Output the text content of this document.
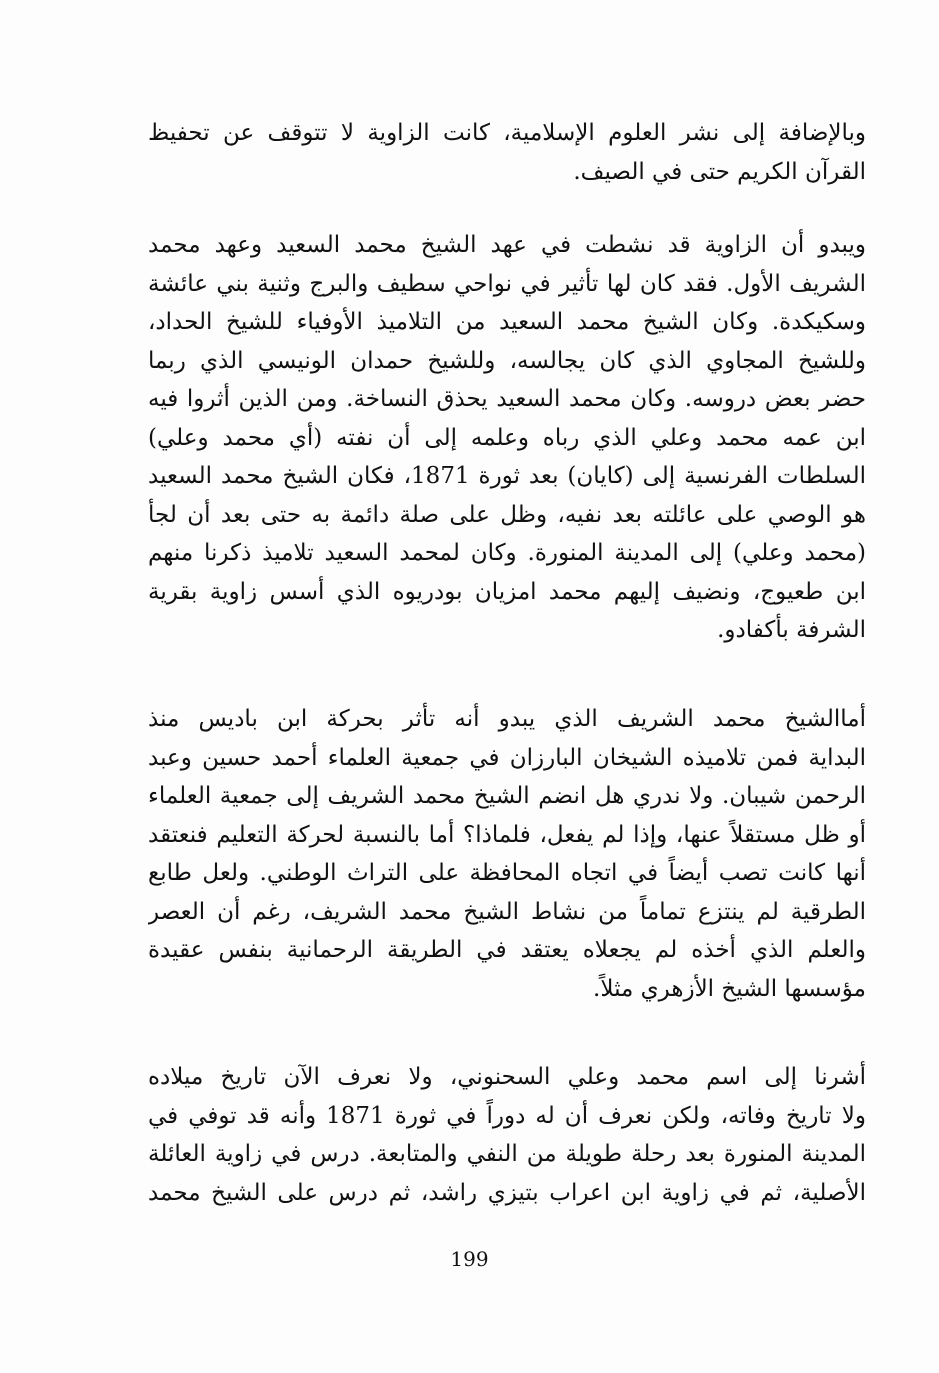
وبالإضافة إلى نشر العلوم الإسلامية، كانت الزاوية لا تتوقف عن تحفيظ
القرآن الكريم حتى في الصيف.
ويبدو أن الزاوية قد نشطت في عهد الشيخ محمد السعيد وعهد محمد
الشريف الأول. فقد كان لها تأثير في نواحي سطيف والبرج وثنية بني عائشة
وسكيكدة. وكان الشيخ محمد السعيد من التلاميذ الأوفياء للشيخ الحداد،
وللشيخ المجاوي الذي كان يجالسه، وللشيخ حمدان الونيسي الذي ربما
حضر بعض دروسه. وكان محمد السعيد يحذق النساخة. ومن الذين أثروا فيه
ابن عمه محمد وعلي الذي رباه وعلمه إلى أن نفته (أي محمد وعلي)
السلطات الفرنسية إلى (كايان) بعد ثورة 1871، فكان الشيخ محمد السعيد
هو الوصي على عائلته بعد نفيه، وظل على صلة دائمة به حتى بعد أن لجأ
(محمد وعلي) إلى المدينة المنورة. وكان لمحمد السعيد تلاميذ ذكرنا منهم
ابن طعيوج، ونضيف إليهم محمد امزيان بودريوه الذي أسس زاوية بقرية
الشرفة بأكفادو.
أماالشيخ محمد الشريف الذي يبدو أنه تأثر بحركة ابن باديس منذ
البداية فمن تلاميذه الشيخان البارزان في جمعية العلماء أحمد حسين وعبد
الرحمن شيبان. ولا ندري هل انضم الشيخ محمد الشريف إلى جمعية العلماء
أو ظل مستقلاً عنها، وإذا لم يفعل، فلماذا؟ أما بالنسبة لحركة التعليم فنعتقد
أنها كانت تصب أيضاً في اتجاه المحافظة على التراث الوطني. ولعل طابع
الطرقية لم ينتزع تماماً من نشاط الشيخ محمد الشريف، رغم أن العصر
والعلم الذي أخذه لم يجعلاه يعتقد في الطريقة الرحمانية بنفس عقيدة
مؤسسها الشيخ الأزهري مثلاً.
أشرنا إلى اسم محمد وعلي السحنوني، ولا نعرف الآن تاريخ ميلاده
ولا تاريخ وفاته، ولكن نعرف أن له دوراً في ثورة 1871 وأنه قد توفي في
المدينة المنورة بعد رحلة طويلة من النفي والمتابعة. درس في زاوية العائلة
الأصلية، ثم في زاوية ابن اعراب بتيزي راشد، ثم درس على الشيخ محمد
199
